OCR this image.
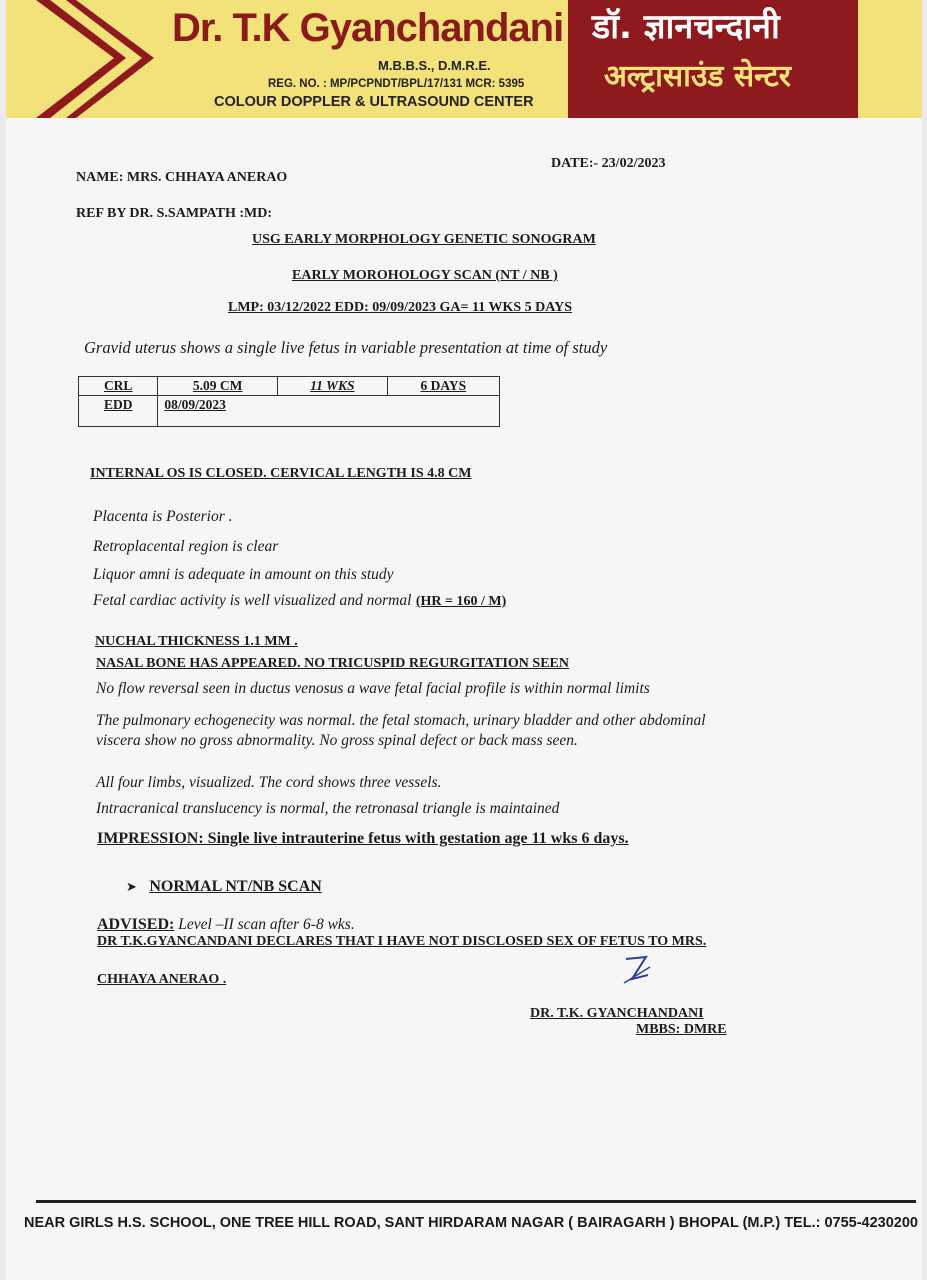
Dr. T.K Gyanchandani
M.B.B.S., D.M.R.E.
REG. NO. : MP/PCPNDT/BPL/17/131 MCR: 5395
COLOUR DOPPLER & ULTRASOUND CENTER
डॉ. ज्ञानचन्दानी
अल्ट्रासाउंड सेन्टर
NAME: MRS. CHHAYA ANERAO
DATE:- 23/02/2023
REF BY DR. S.SAMPATH :MD:
USG EARLY MORPHOLOGY GENETIC SONOGRAM
EARLY MOROHOLOGY SCAN (NT / NB )
LMP: 03/12/2022 EDD: 09/09/2023 GA= 11 WKS 5 DAYS
Gravid uterus shows a single live fetus in variable presentation at time of study
CRL	5.09 CM	11 WKS	6 DAYS
EDD	08/09/2023		
INTERNAL OS IS CLOSED. CERVICAL LENGTH IS 4.8 CM
Placenta is Posterior .
Retroplacental region is clear
Liquor amni is adequate in amount on this study
Fetal cardiac activity is well visualized and normal (HR = 160 / M)
NUCHAL THICKNESS 1.1 MM .
NASAL BONE HAS APPEARED. NO TRICUSPID REGURGITATION SEEN
No flow reversal seen in ductus venosus a wave fetal facial profile is within normal limits
The pulmonary echogenecity was normal. the fetal stomach, urinary bladder and other abdominal
viscera show no gross abnormality. No gross spinal defect or back mass seen.
All four limbs, visualized. The cord shows three vessels.
Intracranical translucency is normal, the retronasal triangle is maintained
IMPRESSION: Single live intrauterine fetus with gestation age 11 wks 6 days.
➤ NORMAL NT/NB SCAN
ADVISED: Level –II scan after 6-8 wks.
DR T.K.GYANCANDANI DECLARES THAT I HAVE NOT DISCLOSED SEX OF FETUS TO MRS.
CHHAYA ANERAO .
DR. T.K. GYANCHANDANI
MBBS: DMRE
NEAR GIRLS H.S. SCHOOL, ONE TREE HILL ROAD, SANT HIRDARAM NAGAR ( BAIRAGARH ) BHOPAL (M.P.) TEL.: 0755-4230200
